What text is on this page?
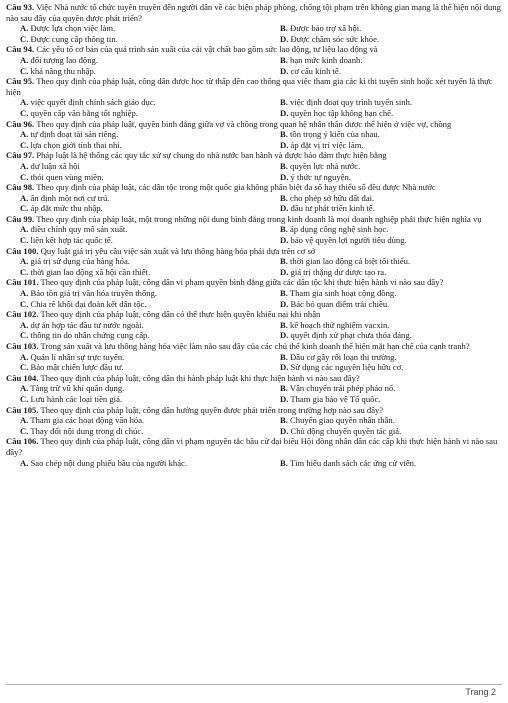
Câu 93. Việc Nhà nước tổ chức tuyên truyền đến người dân về các biện pháp phòng, chống tội phạm trên không gian mạng là thể hiện nội dung nào sau đây của quyền được phát triển?
A. Được lựa chọn việc làm.	B. Được bảo trợ xã hội.
C. Được cung cấp thông tin.	D. Được chăm sóc sức khỏe.
Câu 94. Các yếu tố cơ bản của quá trình sản xuất của cải vật chất bao gồm sức lao động, tư liệu lao động và
A. đối tượng lao động.	B. hạn mức kinh doanh.
C. khả năng thu nhập.	D. cơ cấu kinh tế.
Câu 95. Theo quy định của pháp luật, công dân được học từ thấp đến cao thông qua việc tham gia các kì thi tuyển sinh hoặc xét tuyển là thực hiện
A. việc quyết định chính sách giáo dục.	B. việc định đoạt quy trình tuyển sinh.
C. quyền cấp văn bằng tốt nghiệp.	D. quyền học tập không hạn chế.
Câu 96. Theo quy định của pháp luật, quyền bình đẳng giữa vợ và chồng trong quan hệ nhân thân được thể hiện ở việc vợ, chồng
A. tự định đoạt tài sản riêng.	B. tôn trọng ý kiến của nhau.
C. lựa chọn giới tính thai nhi.	D. áp đặt vị trí việc làm.
Câu 97. Pháp luật là hệ thống các quy tắc xử sự chung do nhà nước ban hành và được bảo đảm thực hiện bằng
A. dư luận xã hội	B. quyền lực nhà nước.
C. thói quen vùng miền.	D. ý thức tự nguyện.
Câu 98. Theo quy định của pháp luật, các dân tộc trong một quốc gia không phân biệt đa số hay thiểu số đều được Nhà nước
A. ấn định một nơi cư trú.	B. cho phép sở hữu đất đai.
C. áp đặt mức thu nhập.	D. đầu tư phát triển kinh tế.
Câu 99. Theo quy định của pháp luật, một trong những nội dung bình đẳng trong kinh doanh là mọi doanh nghiệp phải thực hiện nghĩa vụ
A. điều chỉnh quy mô sản xuất.	B. áp dụng công nghệ sinh học.
C. liên kết hợp tác quốc tế.	D. bảo vệ quyền lợi người tiêu dùng.
Câu 100. Quy luật giá trị yêu cầu việc sản xuất và lưu thông hàng hóa phải dựa trên cơ sở
A. giá trị sử dụng của hàng hóa.	B. thời gian lao động cá biệt tối thiểu.
C. thời gian lao động xã hội cần thiết.	D. giá trị thặng dư được tạo ra.
Câu 101. Theo quy định của pháp luật, công dân vi phạm quyền bình đẳng giữa các dân tộc khi thực hiện hành vi nào sau đây?
A. Bảo tồn giá trị văn hóa truyền thống.	B. Tham gia sinh hoạt cộng đồng.
C. Chia rẽ khối đại đoàn kết dân tộc.	D. Bác bỏ quan điểm trái chiều.
Câu 102. Theo quy định của pháp luật, công dân có thể thực hiện quyền khiếu nại khi nhận
A. dự án hợp tác đầu tư nước ngoài.	B. kế hoạch thử nghiệm vacxin.
C. thông tin do nhân chứng cung cấp.	D. quyết định xử phạt chưa thỏa đáng.
Câu 103. Trong sản xuất và lưu thông hàng hóa việc làm nào sau đây của các chủ thể kinh doanh thể hiện mặt hạn chế của cạnh tranh?
A. Quản lí nhân sự trực tuyến.	B. Đầu cơ gây rối loạn thị trường.
C. Bảo mật chiến lược đầu tư.	D. Sử dụng các nguyên liệu hữu cơ.
Câu 104. Theo quy định của pháp luật, công dân thi hành pháp luật khi thực hiện hành vi nào sau đây?
A. Tàng trữ vũ khí quân dụng.	B. Vận chuyển trái phép pháo nổ.
C. Lưu hành các loại tiền giả.	D. Tham gia bảo vệ Tổ quốc.
Câu 105. Theo quy định của pháp luật, công dân hưởng quyền được phát triển trong trường hợp nào sau đây?
A. Tham gia các hoạt động văn hóa.	B. Chuyển giao quyền nhân thân.
C. Thay đổi nội dung trong di chúc.	D. Chủ động chuyển quyền tác giả.
Câu 106. Theo quy định của pháp luật, công dân vi phạm nguyên tắc bầu cử đại biểu Hội đồng nhân dân các cấp khi thực hiện hành vi nào sau đây?
A. Sao chép nội dung phiếu bầu của người khác.	B. Tìm hiểu danh sách các ứng cử viên.
Trang 2
